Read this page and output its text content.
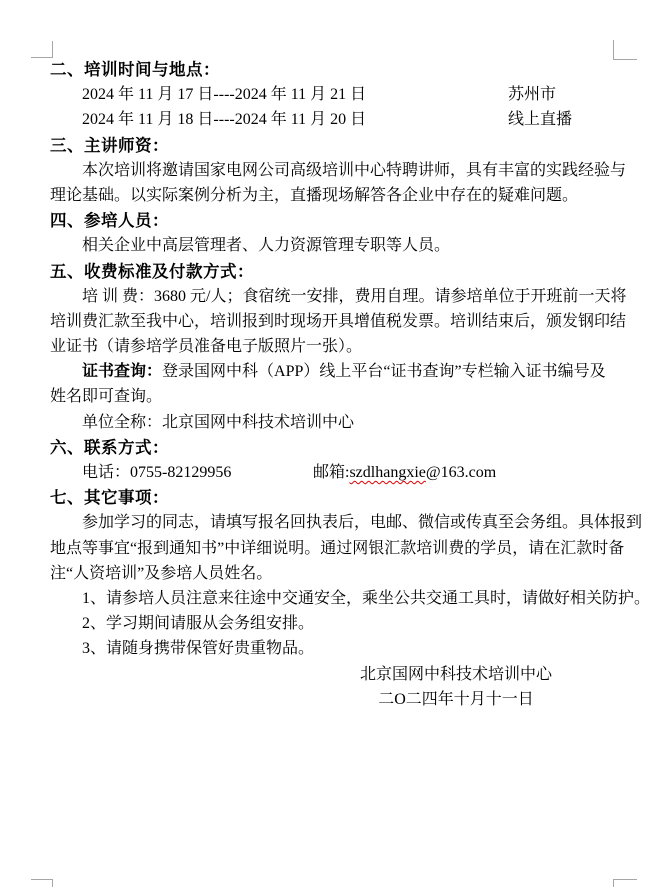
二、培训时间与地点：
2024 年 11 月 17 日----2024 年 11 月 21 日	苏州市
2024 年 11 月 18 日----2024 年 11 月 20 日	线上直播
三、主讲师资：
本次培训将邀请国家电网公司高级培训中心特聘讲师，具有丰富的实践经验与
理论基础。以实际案例分析为主，直播现场解答各企业中存在的疑难问题。
四、参培人员：
相关企业中高层管理者、人力资源管理专职等人员。
五、收费标准及付款方式：
培 训 费：3680 元/人；食宿统一安排，费用自理。请参培单位于开班前一天将
培训费汇款至我中心，培训报到时现场开具增值税发票。培训结束后，颁发钢印结
业证书（请参培学员准备电子版照片一张）。
证书查询：登录国网中科（APP）线上平台“证书查询”专栏输入证书编号及
姓名即可查询。
单位全称：北京国网中科技术培训中心
六、联系方式：
电话：0755-82129956	邮箱:szdlhangxie@163.com
七、其它事项：
参加学习的同志，请填写报名回执表后，电邮、微信或传真至会务组。具体报到
地点等事宜“报到通知书”中详细说明。通过网银汇款培训费的学员，请在汇款时备
注“人资培训”及参培人员姓名。
1、请参培人员注意来往途中交通安全，乘坐公共交通工具时，请做好相关防护。
2、学习期间请服从会务组安排。
3、请随身携带保管好贵重物品。
北京国网中科技术培训中心
二O二四年十月十一日
